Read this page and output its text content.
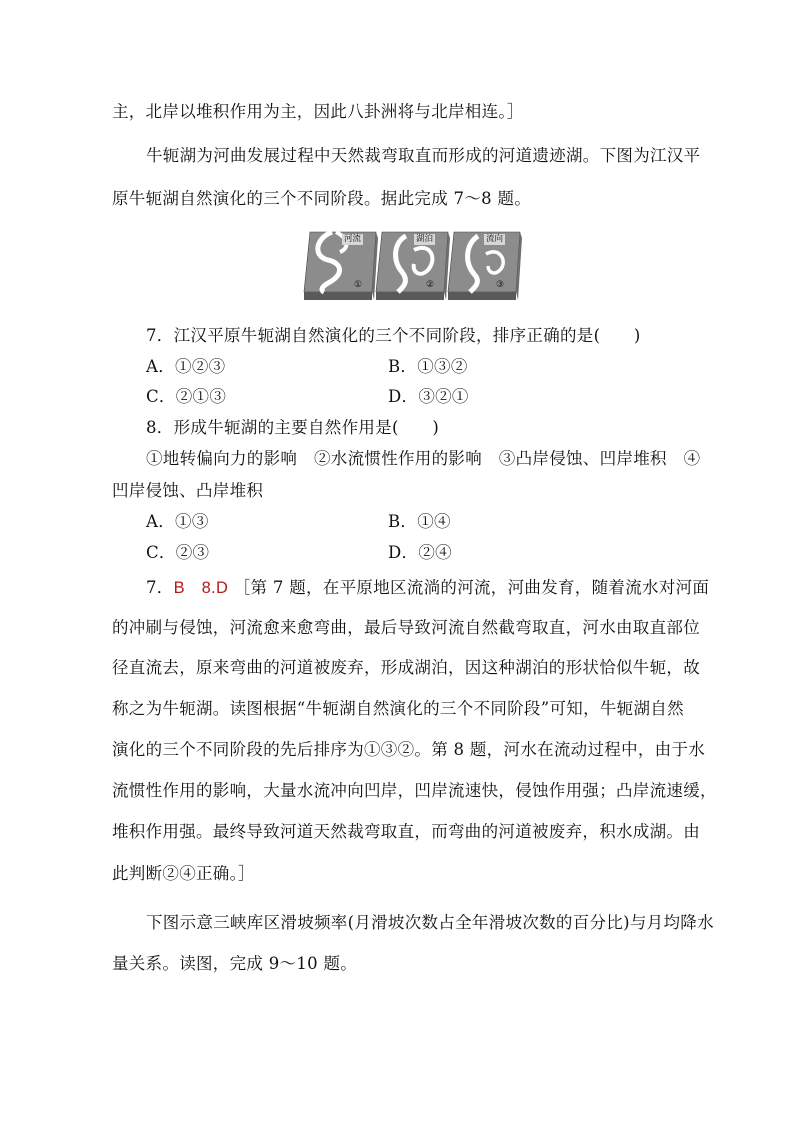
主，北岸以堆积作用为主，因此八卦洲将与北岸相连。］
牛轭湖为河曲发展过程中天然裁弯取直而形成的河道遗迹湖。下图为江汉平
原牛轭湖自然演化的三个不同阶段。据此完成 7～8 题。
河流	湖泊	流向
①	②	③
7．江汉平原牛轭湖自然演化的三个不同阶段，排序正确的是(　　)
A．①②③	B．①③②
C．②①③	D．③②①
8．形成牛轭湖的主要自然作用是(　　)
①地转偏向力的影响　②水流惯性作用的影响　③凸岸侵蚀、凹岸堆积　④
凹岸侵蚀、凸岸堆积
A．①③	B．①④
C．②③	D．②④
7．B 8.D ［第 7 题，在平原地区流淌的河流，河曲发育，随着流水对河面
的冲刷与侵蚀，河流愈来愈弯曲，最后导致河流自然截弯取直，河水由取直部位
径直流去，原来弯曲的河道被废弃，形成湖泊，因这种湖泊的形状恰似牛轭，故
称之为牛轭湖。读图根据“牛轭湖自然演化的三个不同阶段”可知，牛轭湖自然
演化的三个不同阶段的先后排序为①③②。第 8 题，河水在流动过程中，由于水
流惯性作用的影响，大量水流冲向凹岸，凹岸流速快，侵蚀作用强；凸岸流速缓，
堆积作用强。最终导致河道天然裁弯取直，而弯曲的河道被废弃，积水成湖。由
此判断②④正确。］
下图示意三峡库区滑坡频率(月滑坡次数占全年滑坡次数的百分比)与月均降水
量关系。读图，完成 9～10 题。
